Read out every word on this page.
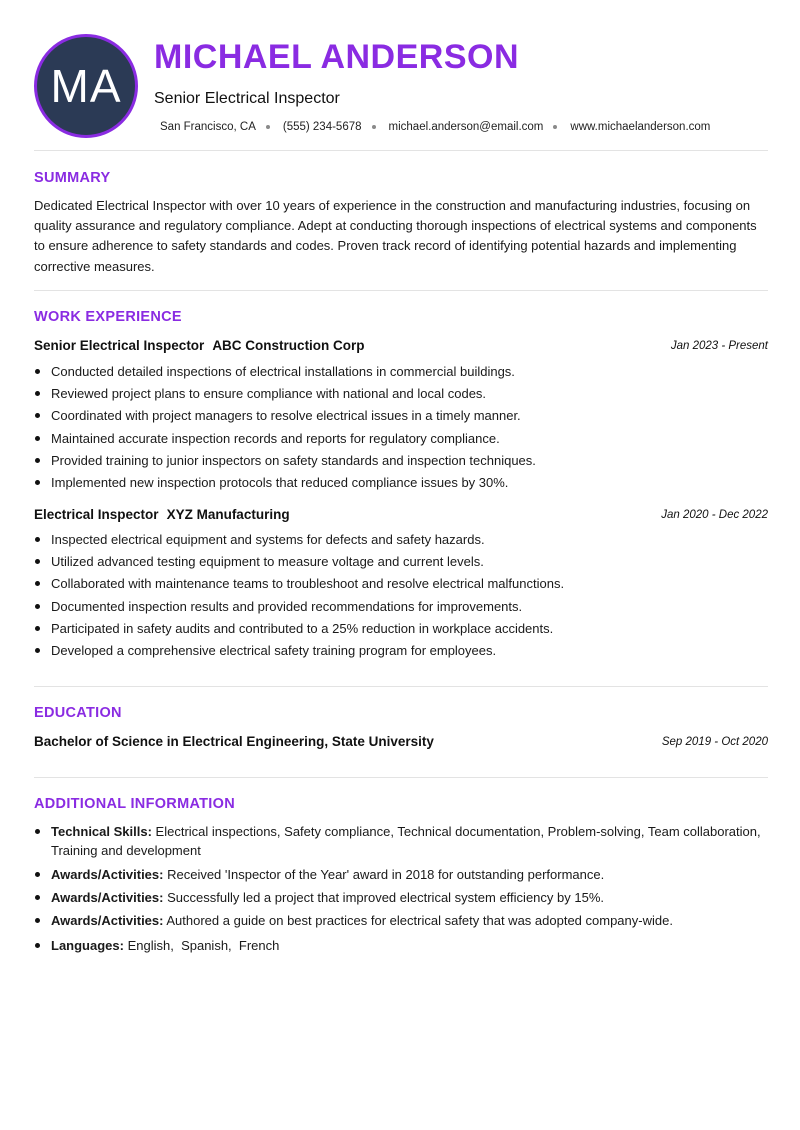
MA
MICHAEL ANDERSON
Senior Electrical Inspector
San Francisco, CA (555) 234-5678 michael.anderson@email.com www.michaelanderson.com
SUMMARY
Dedicated Electrical Inspector with over 10 years of experience in the construction and manufacturing industries, focusing on quality assurance and regulatory compliance. Adept at conducting thorough inspections of electrical systems and components to ensure adherence to safety standards and codes. Proven track record of identifying potential hazards and implementing corrective measures.
WORK EXPERIENCE
Senior Electrical Inspector ABC Construction Corp	Jan 2023 - Present
Conducted detailed inspections of electrical installations in commercial buildings.
Reviewed project plans to ensure compliance with national and local codes.
Coordinated with project managers to resolve electrical issues in a timely manner.
Maintained accurate inspection records and reports for regulatory compliance.
Provided training to junior inspectors on safety standards and inspection techniques.
Implemented new inspection protocols that reduced compliance issues by 30%.
Electrical Inspector XYZ Manufacturing	Jan 2020 - Dec 2022
Inspected electrical equipment and systems for defects and safety hazards.
Utilized advanced testing equipment to measure voltage and current levels.
Collaborated with maintenance teams to troubleshoot and resolve electrical malfunctions.
Documented inspection results and provided recommendations for improvements.
Participated in safety audits and contributed to a 25% reduction in workplace accidents.
Developed a comprehensive electrical safety training program for employees.
EDUCATION
Bachelor of Science in Electrical Engineering, State University	Sep 2019 - Oct 2020
ADDITIONAL INFORMATION
Technical Skills: Electrical inspections, Safety compliance, Technical documentation, Problem-solving, Team collaboration, Training and development
Awards/Activities: Received 'Inspector of the Year' award in 2018 for outstanding performance.
Awards/Activities: Successfully led a project that improved electrical system efficiency by 15%.
Awards/Activities: Authored a guide on best practices for electrical safety that was adopted company-wide.
Languages: English,  Spanish,  French
